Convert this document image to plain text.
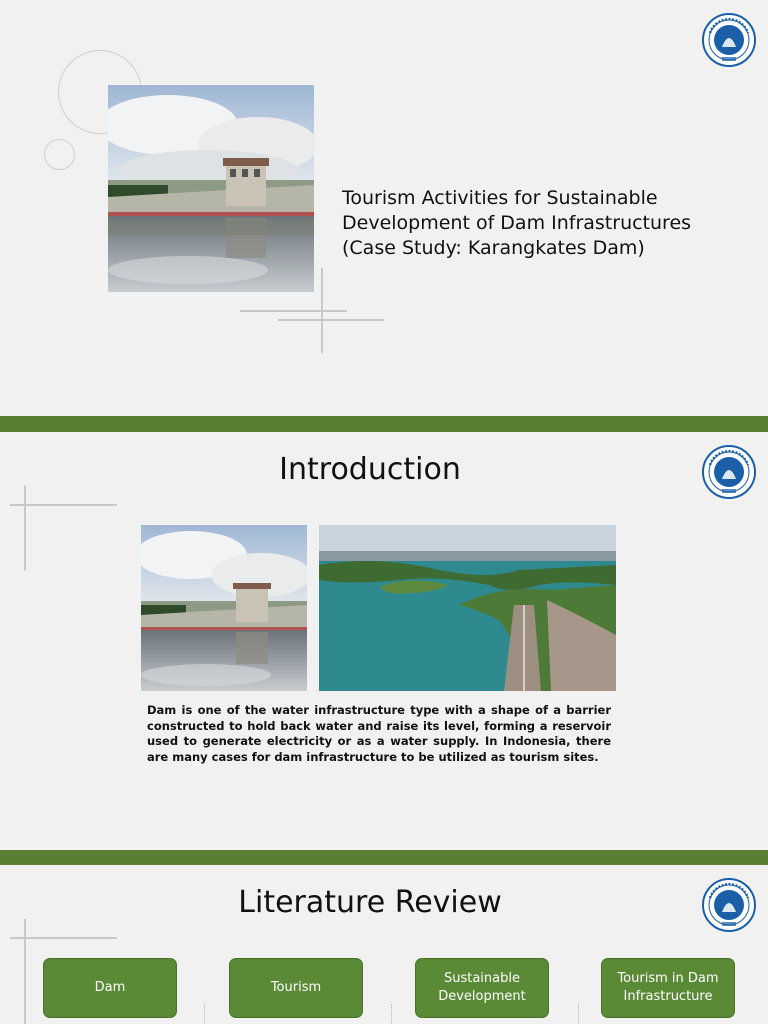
Tourism Activities for Sustainable
Development of Dam Infrastructures
(Case Study: Karangkates Dam)
Introduction
Dam is one of the water infrastructure type with a shape of a barrier constructed to hold back water and raise its level, forming a reservoir used to generate electricity or as a water supply. In Indonesia, there are many cases for dam infrastructure to be utilized as tourism sites.
Literature Review
Dam	Tourism
Sustainable Development
Tourism in Dam Infrastructure
